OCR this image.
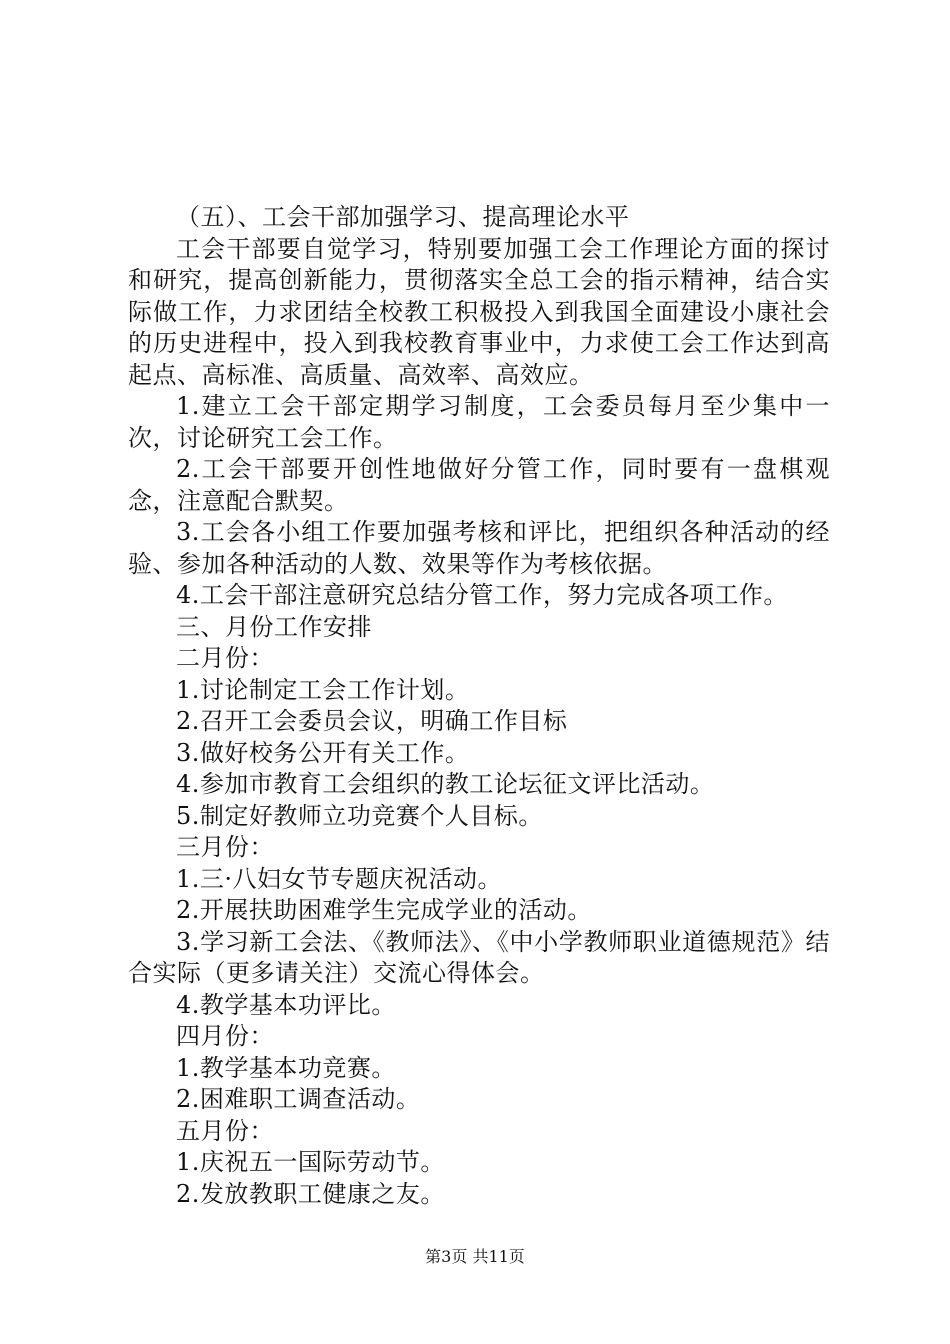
（五）、工会干部加强学习、提高理论水平

工会干部要自觉学习，特别要加强工会工作理论方面的探讨和研究，提高创新能力，贯彻落实全总工会的指示精神，结合实际做工作，力求团结全校教工积极投入到我国全面建设小康社会的历史进程中，投入到我校教育事业中，力求使工会工作达到高起点、高标准、高质量、高效率、高效应。

1.建立工会干部定期学习制度，工会委员每月至少集中一次，讨论研究工会工作。

2.工会干部要开创性地做好分管工作，同时要有一盘棋观念，注意配合默契。

3.工会各小组工作要加强考核和评比，把组织各种活动的经验、参加各种活动的人数、效果等作为考核依据。

4.工会干部注意研究总结分管工作，努力完成各项工作。

三、月份工作安排

二月份：

1.讨论制定工会工作计划。

2.召开工会委员会议，明确工作目标

3.做好校务公开有关工作。

4.参加市教育工会组织的教工论坛征文评比活动。

5.制定好教师立功竞赛个人目标。

三月份：

1.三·八妇女节专题庆祝活动。

2.开展扶助困难学生完成学业的活动。

3.学习新工会法、《教师法》、《中小学教师职业道德规范》结合实际（更多请关注）交流心得体会。

4.教学基本功评比。

四月份：

1.教学基本功竞赛。

2.困难职工调查活动。

五月份：

1.庆祝五一国际劳动节。

2.发放教职工健康之友。

第3页 共11页
